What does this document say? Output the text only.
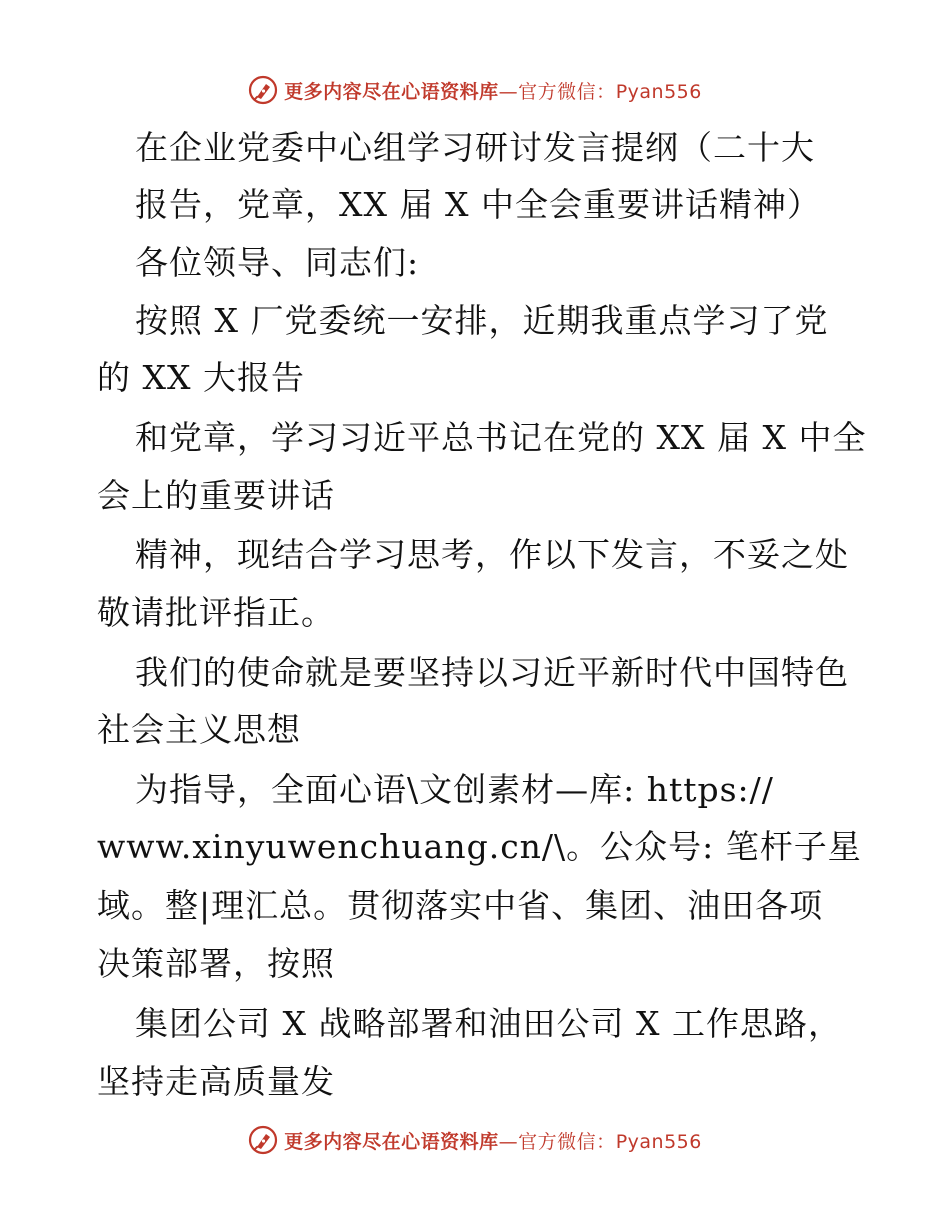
更多内容尽在心语资料库—官方微信：Pyan556
在企业党委中心组学习研讨发言提纲（二十大
报告，党章，XX 届 X 中全会重要讲话精神）
各位领导、同志们:
按照 X 厂党委统一安排，近期我重点学习了党
的 XX 大报告
和党章，学习习近平总书记在党的 XX 届 X 中全
会上的重要讲话
精神，现结合学习思考，作以下发言，不妥之处
敬请批评指正。
我们的使命就是要坚持以习近平新时代中国特色
社会主义思想
为指导，全面心语\文创素材—库: https://
www.xinyuwenchuang.cn/\。公众号: 笔杆子星
域。整|理汇总。贯彻落实中省、集团、油田各项
决策部署，按照
集团公司 X 战略部署和油田公司 X 工作思路，
坚持走高质量发
更多内容尽在心语资料库—官方微信：Pyan556
